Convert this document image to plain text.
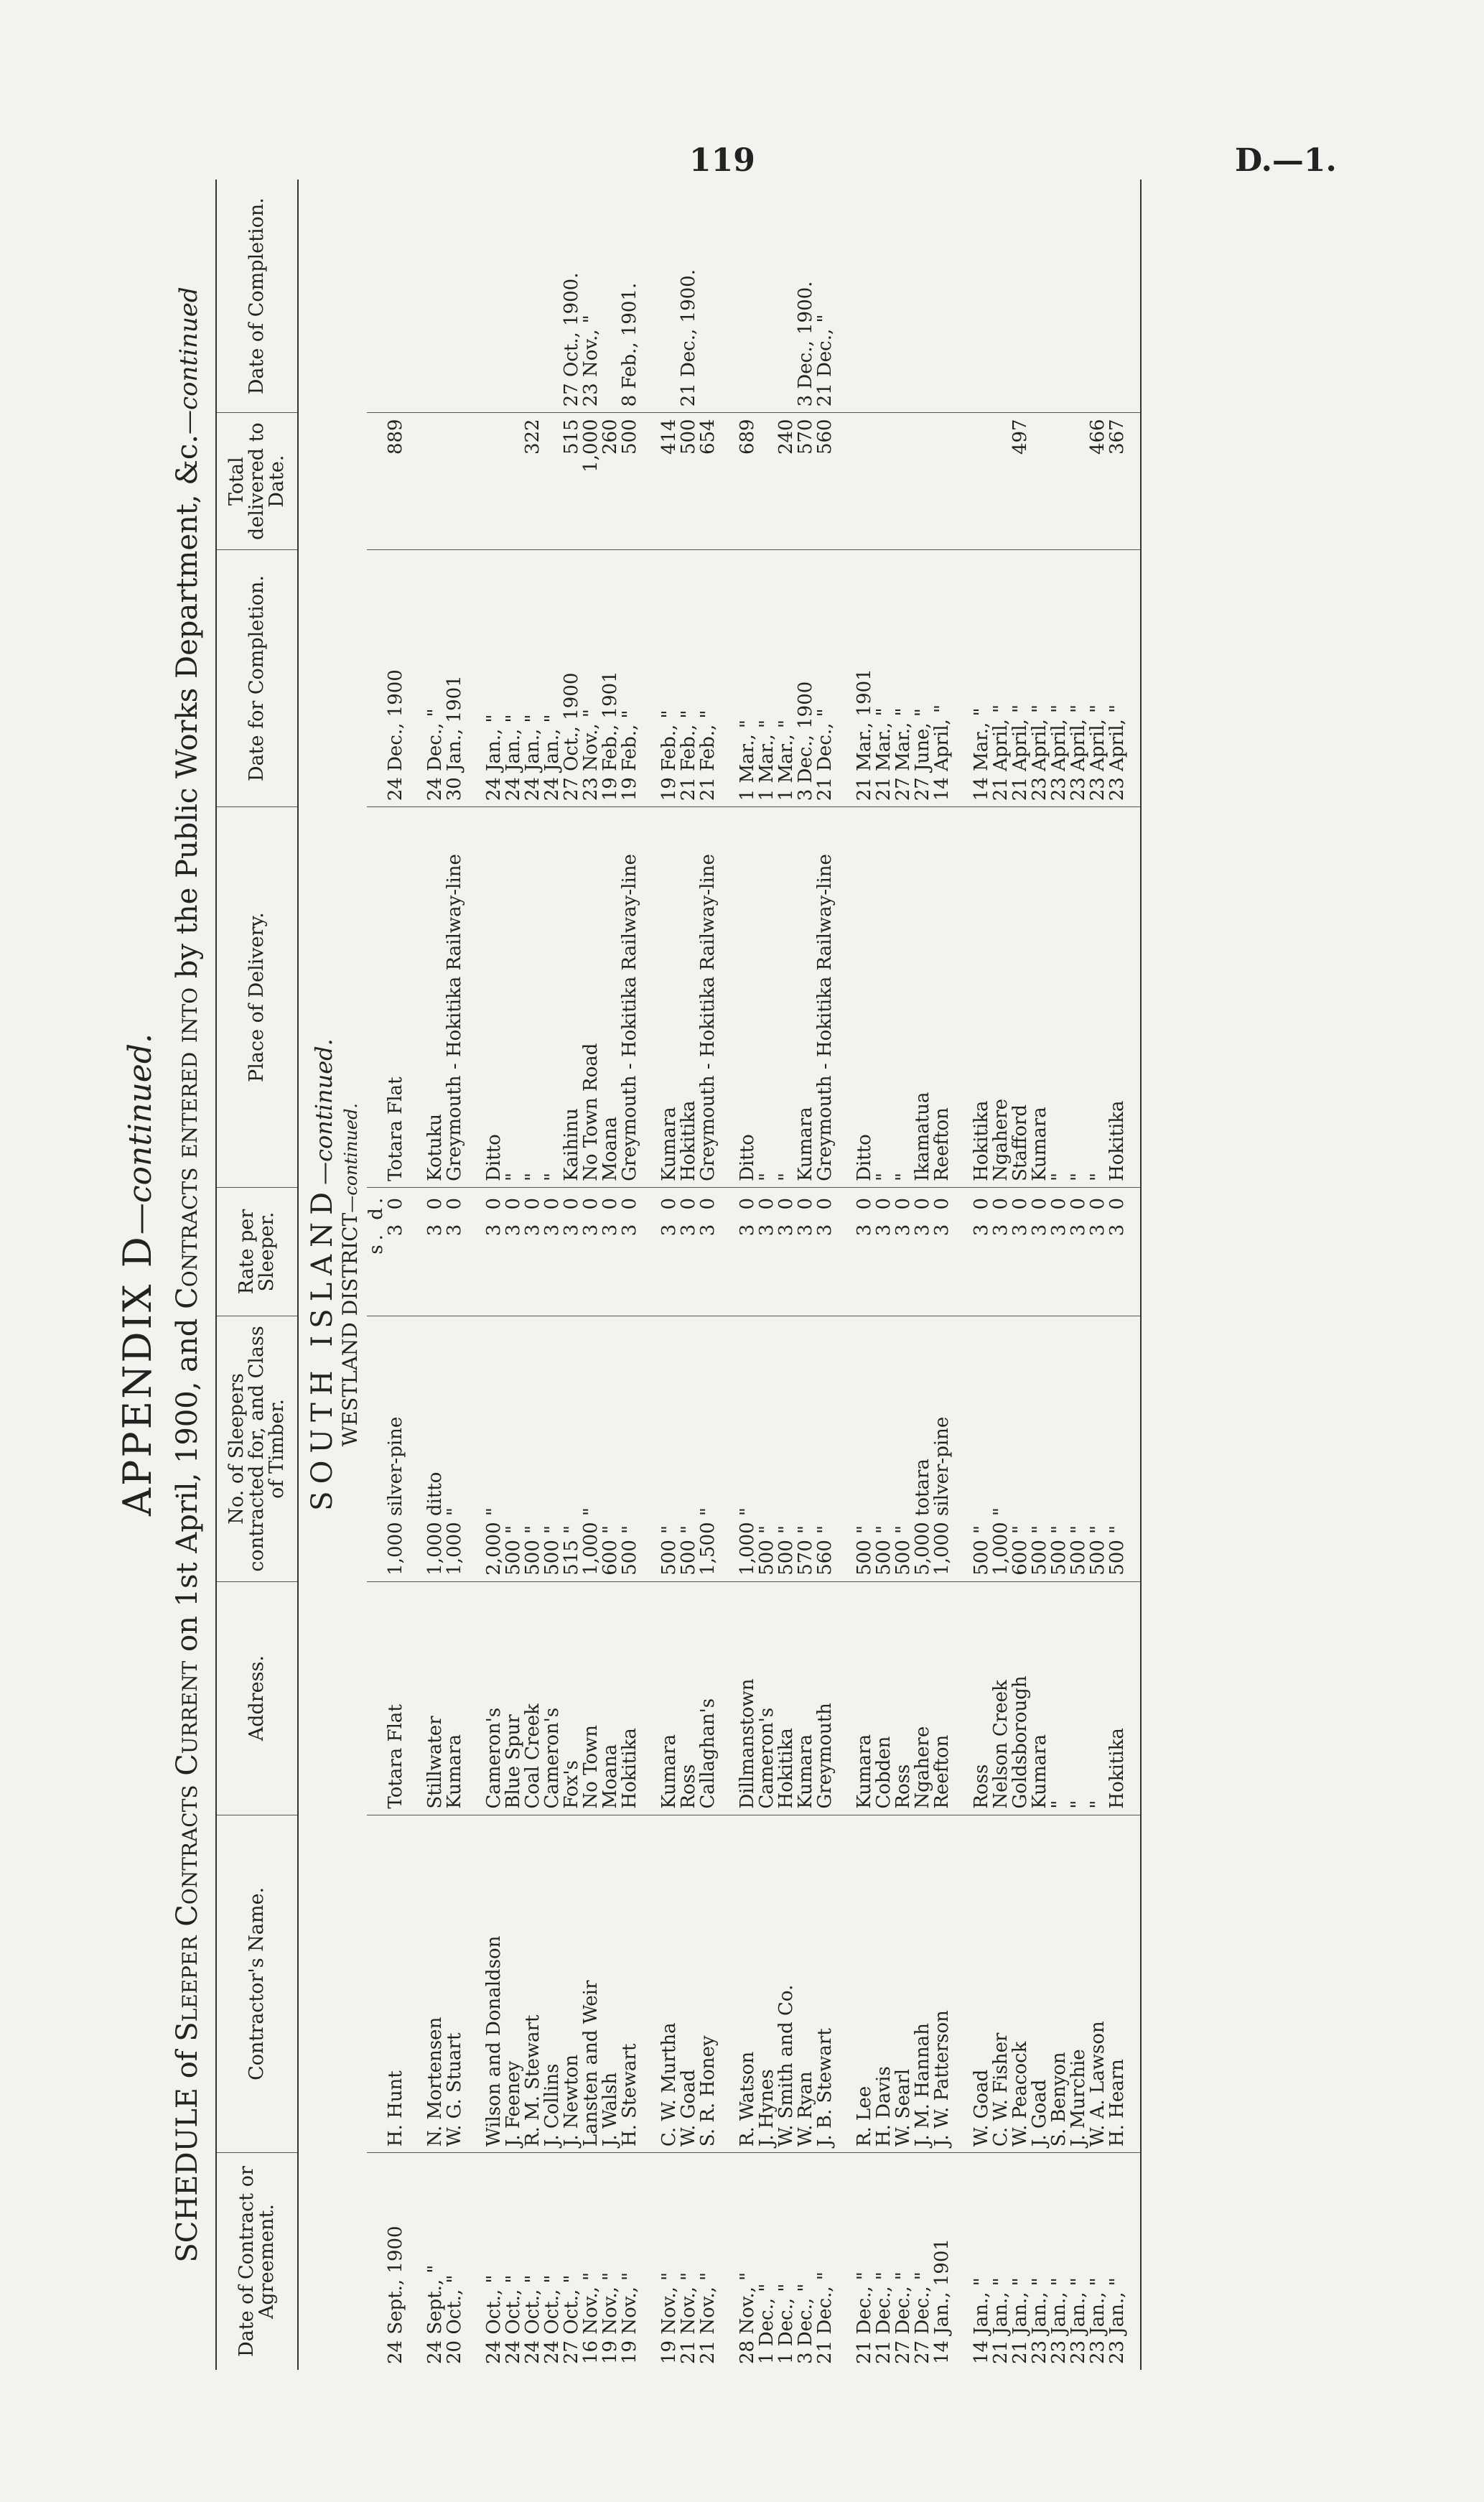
119	D.—1.
APPENDIX D—continued.
SCHEDULE of Sleeper Contracts Current on 1st April, 1900, and Contracts entered into by the Public Works Department, &c.—continued
Date of Contract or Agreement.	Contractor's Name.	Address.	No. of Sleepers contracted for, and Class of Timber.	Rate per Sleeper.	Place of Delivery.	Date for Completion.	Total delivered to Date.	Date of Completion.
SOUTH ISLAND—continued.								
WESTLAND DISTRICT—continued.								
				s. d.				
24 Sept., 1900	H. Hunt	Totara Flat	1,000 silver-pine	3 0	Totara Flat	24 Dec., 1900	889	
24 Sept., "	N. Mortensen	Stillwater	1,000 ditto	3 0	Kotuku	24 Dec., "		
20 Oct., "	W. G. Stuart	Kumara	1,000 "	3 0	Greymouth - Hokitika Railway-line	30 Jan., 1901		
24 Oct., "	Wilson and Donaldson	Cameron's	2,000 "	3 0	Ditto	24 Jan., "		
24 Oct., "	J. Feeney	Blue Spur	500 "	3 0	"	24 Jan., "		
24 Oct., "	R. M. Stewart	Coal Creek	500 "	3 0	"	24 Jan., "	322	
24 Oct., "	J. Collins	Cameron's	500 "	3 0	"	24 Jan., "		
27 Oct., "	J. Newton	Fox's	515 "	3 0	Kaihinu	27 Oct., 1900	515	27 Oct., 1900.
16 Nov., "	Lansten and Weir	No Town	1,000 "	3 0	No Town Road	23 Nov., "	1,000	23 Nov., "
19 Nov., "	J. Walsh	Moana	600 "	3 0	Moana	19 Feb., 1901	260	
19 Nov., "	H. Stewart	Hokitika	500 "	3 0	Greymouth - Hokitika Railway-line	19 Feb., "	500	8 Feb., 1901.
19 Nov., "	C. W. Murtha	Kumara	500 "	3 0	Kumara	19 Feb., "	414	
21 Nov., "	W. Goad	Ross	500 "	3 0	Hokitika	21 Feb., "	500	21 Dec., 1900.
21 Nov., "	S. R. Honey	Callaghan's	1,500 "	3 0	Greymouth - Hokitika Railway-line	21 Feb., "	654	
28 Nov., "	R. Watson	Dillmanstown	1,000 "	3 0	Ditto	1 Mar., "	689	
1 Dec., "	J. Hynes	Cameron's	500 "	3 0	"	1 Mar., "		
1 Dec., "	W. Smith and Co.	Hokitika	500 "	3 0	"	1 Mar., "	240	
3 Dec., "	W. Ryan	Kumara	570 "	3 0	Kumara	3 Dec., 1900	570	3 Dec., 1900.
21 Dec., "	J. B. Stewart	Greymouth	560 "	3 0	Greymouth - Hokitika Railway-line	21 Dec., "	560	21 Dec., "
21 Dec., "	R. Lee	Kumara	500 "	3 0	Ditto	21 Mar., 1901		
21 Dec., "	H. Davis	Cobden	500 "	3 0	"	21 Mar., "		
27 Dec., "	W. Searl	Ross	500 "	3 0	"	27 Mar., "		
27 Dec., "	J. M. Hannah	Ngahere	5,000 totara	3 0	Ikamatua	27 June, "		
14 Jan., 1901	J. W. Patterson	Reefton	1,000 silver-pine	3 0	Reefton	14 April, "		
14 Jan., "	W. Goad	Ross	500 "	3 0	Hokitika	14 Mar., "		
21 Jan., "	C. W. Fisher	Nelson Creek	1,000 "	3 0	Ngahere	21 April, "		
21 Jan., "	W. Peacock	Goldsborough	600 "	3 0	Stafford	21 April, "	497	
23 Jan., "	J. Goad	Kumara	500 "	3 0	Kumara	23 April, "		
23 Jan., "	S. Benyon	"	500 "	3 0	"	23 April, "		
23 Jan., "	J. Murchie	"	500 "	3 0	"	23 April, "		
23 Jan., "	W. A. Lawson	"	500 "	3 0	"	23 April, "	466	
23 Jan., "	H. Hearn	Hokitika	500 "	3 0	Hokitika	23 April, "	367	
